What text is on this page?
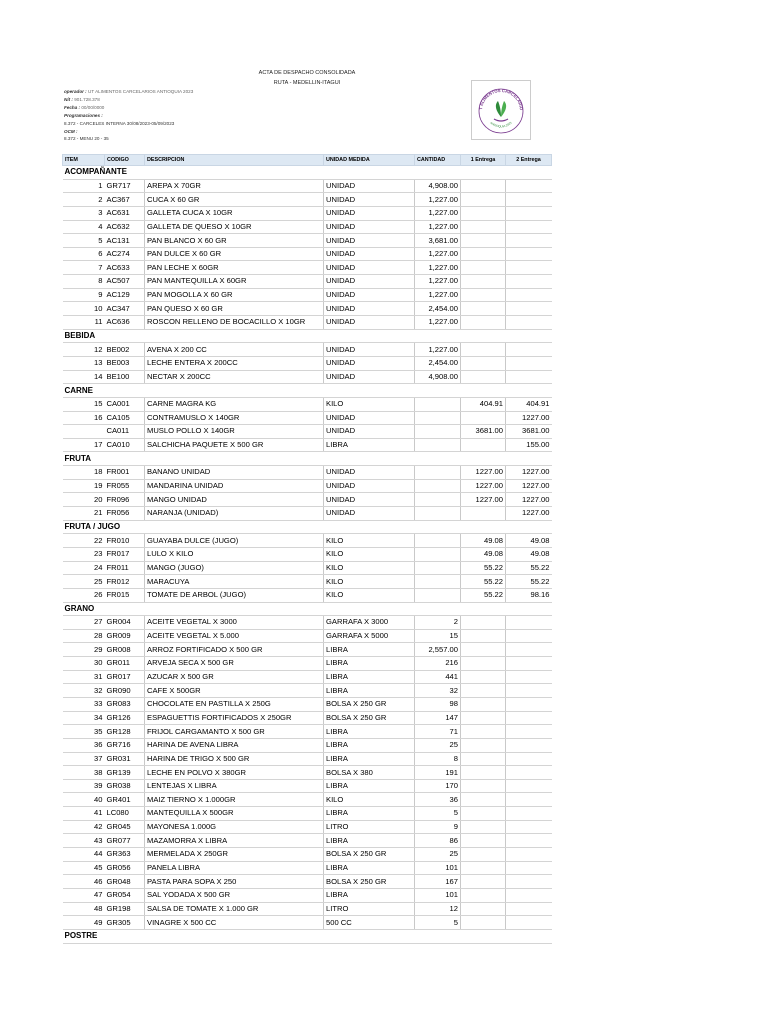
ACTA DE DESPACHO CONSOLIDADA
RUTA - MEDELLIN-ITAGUI
operador : UT ALIMENTOS CARCELARIOS ANTIOQUIA 2023
Nit : 901.728.378
Fecha : 00/00/0000
Programaciones :
8.372 - CARCELES INTERNA 30/08/2023-05/09/2023
OCM :
8.372 - MENU 20 - 35
T ALIMENTOS CARCELARIO
ANTIOQUIA 2023
ITEM	CODIGO	DESCRIPCION	UNIDAD MEDIDA	CANTIDAD	1 Entrega	2 Entrega
ACOMPAÑANTE						
1	GR717	AREPA X 70GR	UNIDAD	4,908.00		
2	AC367	CUCA X 60 GR	UNIDAD	1,227.00		
3	AC631	GALLETA CUCA X 10GR	UNIDAD	1,227.00		
4	AC632	GALLETA DE QUESO X 10GR	UNIDAD	1,227.00		
5	AC131	PAN BLANCO X 60 GR	UNIDAD	3,681.00		
6	AC274	PAN DULCE X 60 GR	UNIDAD	1,227.00		
7	AC633	PAN LECHE X 60GR	UNIDAD	1,227.00		
8	AC507	PAN MANTEQUILLA X 60GR	UNIDAD	1,227.00		
9	AC129	PAN MOGOLLA X 60 GR	UNIDAD	1,227.00		
10	AC347	PAN QUESO X 60 GR	UNIDAD	2,454.00		
11	AC636	ROSCON RELLENO DE BOCACILLO X 10GR	UNIDAD	1,227.00		
BEBIDA						
12	BE002	AVENA X 200 CC	UNIDAD	1,227.00		
13	BE003	LECHE ENTERA X 200CC	UNIDAD	2,454.00		
14	BE100	NECTAR X 200CC	UNIDAD	4,908.00		
CARNE						
15	CA001	CARNE MAGRA KG	KILO		404.91	404.91
16	CA105	CONTRAMUSLO X 140GR	UNIDAD			1227.00
	CA011	MUSLO POLLO X 140GR	UNIDAD		3681.00	3681.00
17	CA010	SALCHICHA PAQUETE X 500 GR	LIBRA			155.00
FRUTA						
18	FR001	BANANO UNIDAD	UNIDAD		1227.00	1227.00
19	FR055	MANDARINA UNIDAD	UNIDAD		1227.00	1227.00
20	FR096	MANGO UNIDAD	UNIDAD		1227.00	1227.00
21	FR056	NARANJA (UNIDAD)	UNIDAD			1227.00
FRUTA / JUGO						
22	FR010	GUAYABA DULCE (JUGO)	KILO		49.08	49.08
23	FR017	LULO X KILO	KILO		49.08	49.08
24	FR011	MANGO (JUGO)	KILO		55.22	55.22
25	FR012	MARACUYA	KILO		55.22	55.22
26	FR015	TOMATE DE ARBOL (JUGO)	KILO		55.22	98.16
GRANO						
27	GR004	ACEITE VEGETAL X 3000	GARRAFA X 3000	2		
28	GR009	ACEITE VEGETAL X 5.000	GARRAFA X 5000	15		
29	GR008	ARROZ FORTIFICADO X 500 GR	LIBRA	2,557.00		
30	GR011	ARVEJA SECA X 500 GR	LIBRA	216		
31	GR017	AZUCAR X 500 GR	LIBRA	441		
32	GR090	CAFE X 500GR	LIBRA	32		
33	GR083	CHOCOLATE EN PASTILLA X 250G	BOLSA X 250 GR	98		
34	GR126	ESPAGUETTIS FORTIFICADOS X 250GR	BOLSA X 250 GR	147		
35	GR128	FRIJOL CARGAMANTO X 500 GR	LIBRA	71		
36	GR716	HARINA DE AVENA LIBRA	LIBRA	25		
37	GR031	HARINA DE TRIGO X 500 GR	LIBRA	8		
38	GR139	LECHE EN POLVO X 380GR	BOLSA X 380	191		
39	GR038	LENTEJAS X LIBRA	LIBRA	170		
40	GR401	MAIZ TIERNO X 1.000GR	KILO	36		
41	LC080	MANTEQUILLA X 500GR	LIBRA	5		
42	GR045	MAYONESA 1.000G	LITRO	9		
43	GR077	MAZAMORRA X LIBRA	LIBRA	86		
44	GR363	MERMELADA X 250GR	BOLSA X 250 GR	25		
45	GR056	PANELA LIBRA	LIBRA	101		
46	GR048	PASTA PARA SOPA X 250	BOLSA X 250 GR	167		
47	GR054	SAL YODADA X 500 GR	LIBRA	101		
48	GR198	SALSA DE TOMATE X 1.000 GR	LITRO	12		
49	GR305	VINAGRE X 500 CC	500 CC	5		
POSTRE						
